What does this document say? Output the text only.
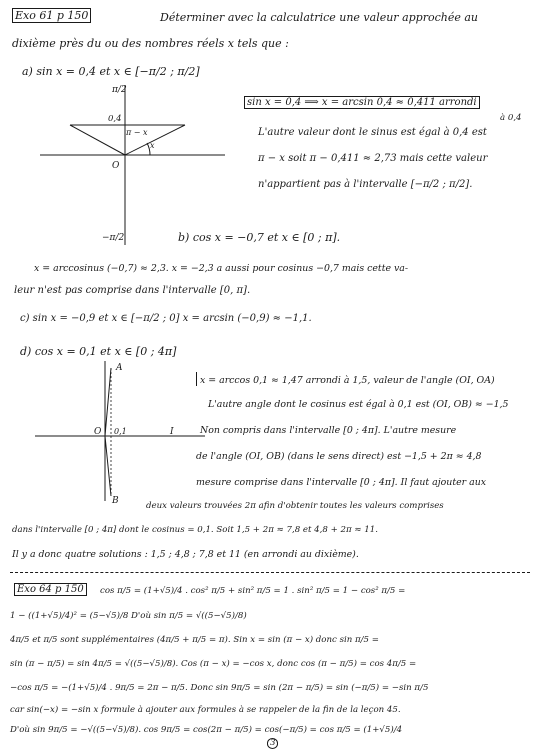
Exo 61 p 150	Déterminer avec la calculatrice une valeur approchée au
dixième près du ou des nombres réels x tels que :
a) sin x = 0,4 et x ∈ [−π/2 ; π/2]
π/2
−π/2
O
0,4
π − x
x
sin x = 0,4 ⟹ x = arcsin 0,4 ≈ 0,411 arrondi
à 0,4
L'autre valeur dont le sinus est égal à 0,4 est
π − x soit π − 0,411 ≈ 2,73 mais cette valeur
n'appartient pas à l'intervalle [−π/2 ; π/2].
b) cos x = −0,7 et x ∈ [0 ; π].
x = arccosinus (−0,7) ≈ 2,3. x = −2,3 a aussi pour cosinus −0,7 mais cette va-
leur n'est pas comprise dans l'intervalle [0, π].
c) sin x = −0,9 et x ∈ [−π/2 ; 0] x = arcsin (−0,9) ≈ −1,1.
d) cos x = 0,1 et x ∈ [0 ; 4π]
A
B
O 0,1	I
x = arccos 0,1 ≈ 1,47 arrondi à 1,5, valeur de l'angle (OI, OA)
L'autre angle dont le cosinus est égal à 0,1 est (OI, OB) ≈ −1,5
Non compris dans l'intervalle [0 ; 4π]. L'autre mesure
de l'angle (OI, OB) (dans le sens direct) est −1,5 + 2π ≈ 4,8
mesure comprise dans l'intervalle [0 ; 4π]. Il faut ajouter aux
deux valeurs trouvées 2π afin d'obtenir toutes les valeurs comprises
dans l'intervalle [0 ; 4π] dont le cosinus = 0,1. Soit 1,5 + 2π ≈ 7,8 et 4,8 + 2π ≈ 11.
Il y a donc quatre solutions : 1,5 ; 4,8 ; 7,8 et 11 (en arrondi au dixième).
Exo 64 p 150	cos π/5 = (1+√5)/4 . cos² π/5 + sin² π/5 = 1 . sin² π/5 = 1 − cos² π/5 =
1 − ((1+√5)/4)² = (5−√5)/8 D'où sin π/5 = √((5−√5)/8)
4π/5 et π/5 sont supplémentaires (4π/5 + π/5 = π). Sin x = sin (π − x) donc sin π/5 =
sin (π − π/5) = sin 4π/5 = √((5−√5)/8). Cos (π − x) = −cos x, donc cos (π − π/5) = cos 4π/5 =
−cos π/5 = −(1+√5)/4 . 9π/5 = 2π − π/5. Donc sin 9π/5 = sin (2π − π/5) = sin (−π/5) = −sin π/5
car sin(−x) = −sin x formule à ajouter aux formules à se rappeler de la fin de la leçon 45.
D'où sin 9π/5 = −√((5−√5)/8). cos 9π/5 = cos(2π − π/5) = cos(−π/5) = cos π/5 = (1+√5)/4
3
